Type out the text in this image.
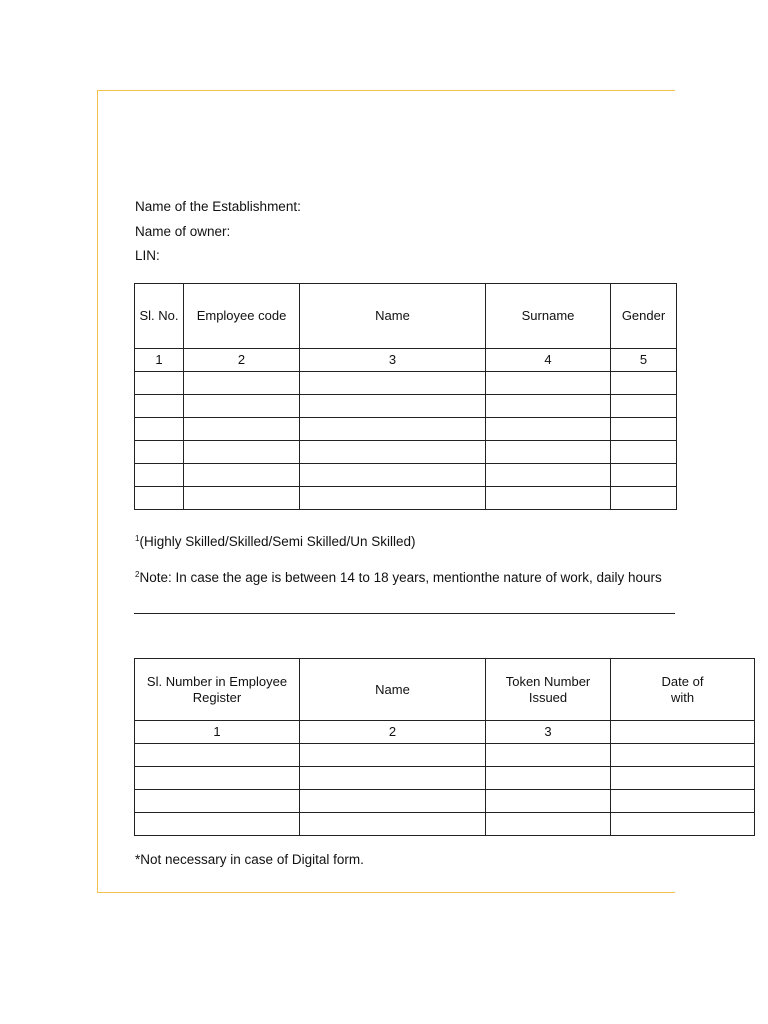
Name of the Establishment:
Name of owner:
LIN:
Sl. No.	Employee code	Name	Surname	Gender
1	2	3	4	5

$^1$(Highly Skilled/Skilled/Semi Skilled/Un Skilled)
$^2$Note: In case the age is between 14 to 18 years, mentionthe nature of work, daily hours
Sl. Number in Employee Register	Name	Token Number Issued	Date of with
1	2	3	

*Not necessary in case of Digital form.
